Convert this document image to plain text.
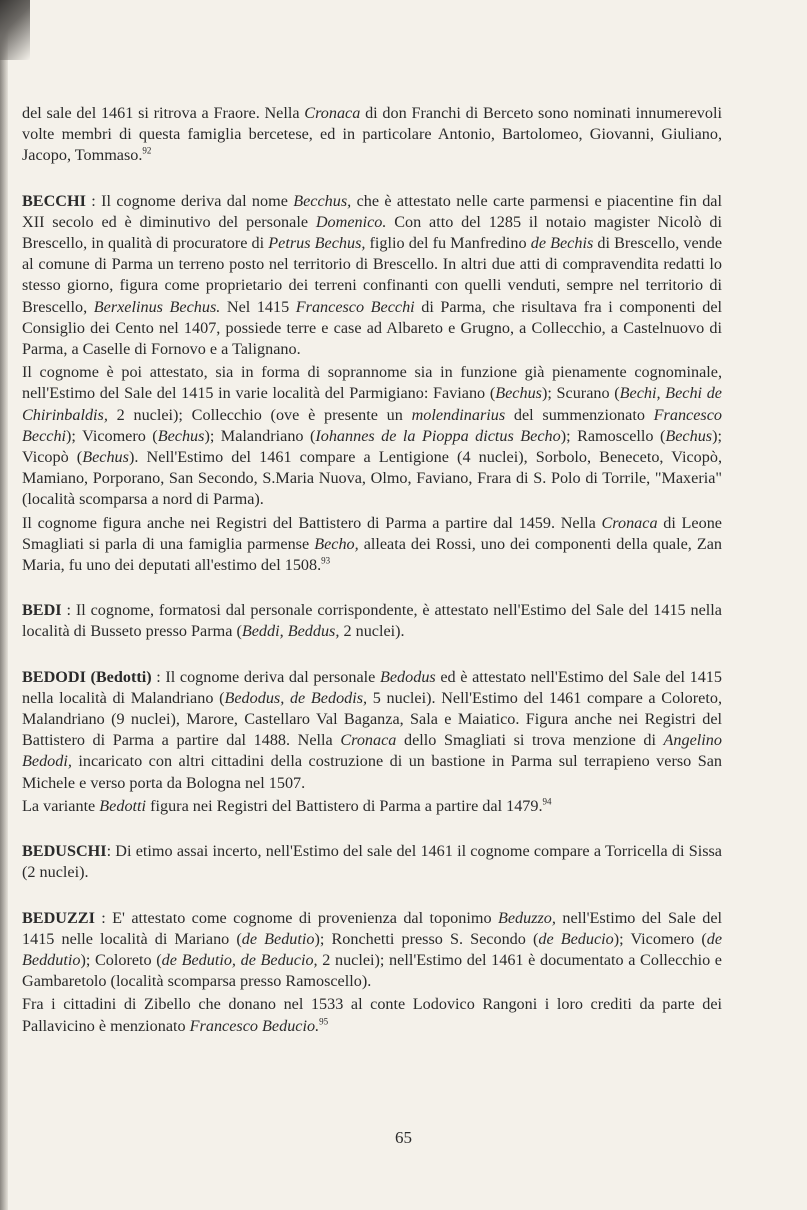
del sale del 1461 si ritrova a Fraore. Nella Cronaca di don Franchi di Berceto sono nominati innumerevoli volte membri di questa famiglia bercetese, ed in particolare Antonio, Bartolomeo, Giovanni, Giuliano, Jacopo, Tommaso.$^{92}$

BECCHI : Il cognome deriva dal nome Becchus, che è attestato nelle carte parmensi e piacentine fin dal XII secolo ed è diminutivo del personale Domenico. Con atto del 1285 il notaio magister Nicolò di Brescello, in qualità di procuratore di Petrus Bechus, figlio del fu Manfredino de Bechis di Brescello, vende al comune di Parma un terreno posto nel territorio di Brescello. In altri due atti di compravendita redatti lo stesso giorno, figura come proprietario dei terreni confinanti con quelli venduti, sempre nel territorio di Brescello, Berxelinus Bechus. Nel 1415 Francesco Becchi di Parma, che risultava fra i componenti del Consiglio dei Cento nel 1407, possiede terre e case ad Albareto e Grugno, a Collecchio, a Castelnuovo di Parma, a Caselle di Fornovo e a Talignano.

Il cognome è poi attestato, sia in forma di soprannome sia in funzione già pienamente cognominale, nell'Estimo del Sale del 1415 in varie località del Parmigiano: Faviano (Bechus); Scurano (Bechi, Bechi de Chirinbaldis, 2 nuclei); Collecchio (ove è presente un molendinarius del summenzionato Francesco Becchi); Vicomero (Bechus); Malandriano (Iohannes de la Pioppa dictus Becho); Ramoscello (Bechus); Vicopò (Bechus). Nell'Estimo del 1461 compare a Lentigione (4 nuclei), Sorbolo, Beneceto, Vicopò, Mamiano, Porporano, San Secondo, S.Maria Nuova, Olmo, Faviano, Frara di S. Polo di Torrile, "Maxeria" (località scomparsa a nord di Parma).

Il cognome figura anche nei Registri del Battistero di Parma a partire dal 1459. Nella Cronaca di Leone Smagliati si parla di una famiglia parmense Becho, alleata dei Rossi, uno dei componenti della quale, Zan Maria, fu uno dei deputati all'estimo del 1508.93

BEDI : Il cognome, formatosi dal personale corrispondente, è attestato nell'Estimo del Sale del 1415 nella località di Busseto presso Parma (Beddi, Beddus, 2 nuclei).

BEDODI (Bedotti) : Il cognome deriva dal personale Bedodus ed è attestato nell'Estimo del Sale del 1415 nella località di Malandriano (Bedodus, de Bedodis, 5 nuclei). Nell'Estimo del 1461 compare a Coloreto, Malandriano (9 nuclei), Marore, Castellaro Val Baganza, Sala e Maiatico. Figura anche nei Registri del Battistero di Parma a partire dal 1488. Nella Cronaca dello Smagliati si trova menzione di Angelino Bedodi, incaricato con altri cittadini della costruzione di un bastione in Parma sul terrapieno verso San Michele e verso porta da Bologna nel 1507.

La variante Bedotti figura nei Registri del Battistero di Parma a partire dal 1479.94

BEDUSCHI: Di etimo assai incerto, nell'Estimo del sale del 1461 il cognome compare a Torricella di Sissa (2 nuclei).

BEDUZZI : E' attestato come cognome di provenienza dal toponimo Beduzzo, nell'Estimo del Sale del 1415 nelle località di Mariano (de Bedutio); Ronchetti presso S. Secondo (de Beducio); Vicomero (de Beddutio); Coloreto (de Bedutio, de Beducio, 2 nuclei); nell'Estimo del 1461 è documentato a Collecchio e Gambaretolo (località scomparsa presso Ramoscello).

Fra i cittadini di Zibello che donano nel 1533 al conte Lodovico Rangoni i loro crediti da parte dei Pallavicino è menzionato Francesco Beducio.$^{95}$

65
